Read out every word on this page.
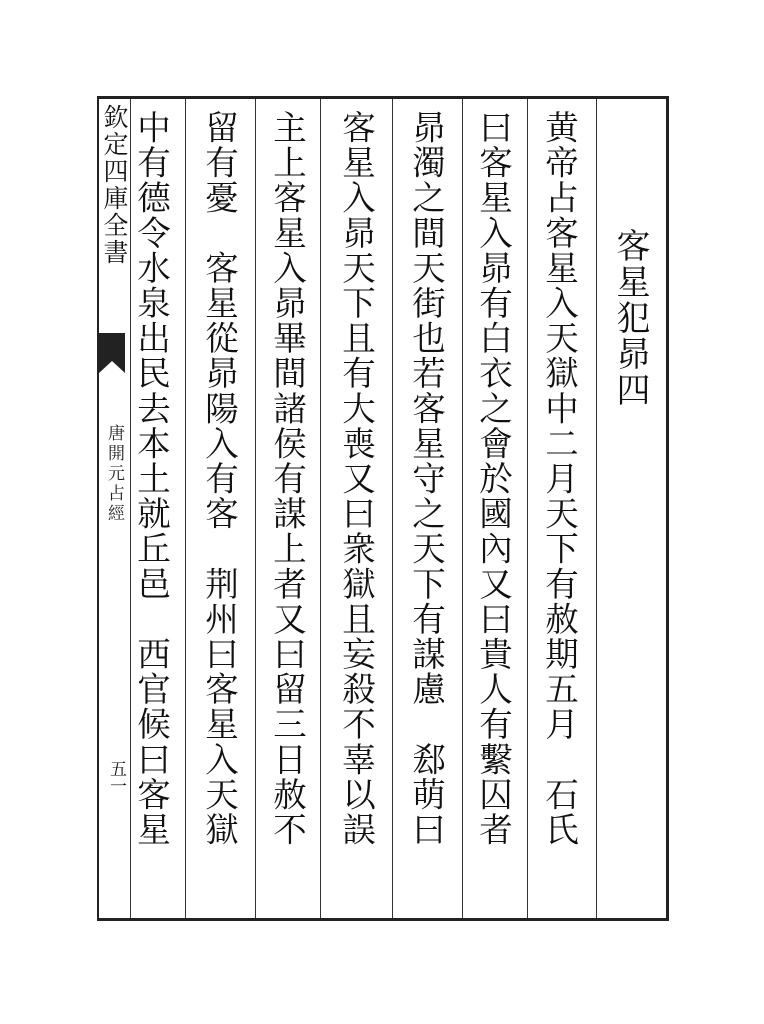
欽定四庫全書
唐開元占經
五一
客星犯昴四
黄帝占客星入天獄中二月天下有赦期五月　石氏
曰客星入昴有白衣之會於國內又曰貴人有繫囚者
昴濁之間天街也若客星守之天下有謀慮　郄萌曰
客星入昴天下且有大喪又曰衆獄且妄殺不辜以誤
主上客星入昴畢間諸侯有謀上者又曰留三日赦不
留有憂　客星從昴陽入有客　荆州曰客星入天獄
中有德令水泉出民去本土就丘邑　西官候曰客星
